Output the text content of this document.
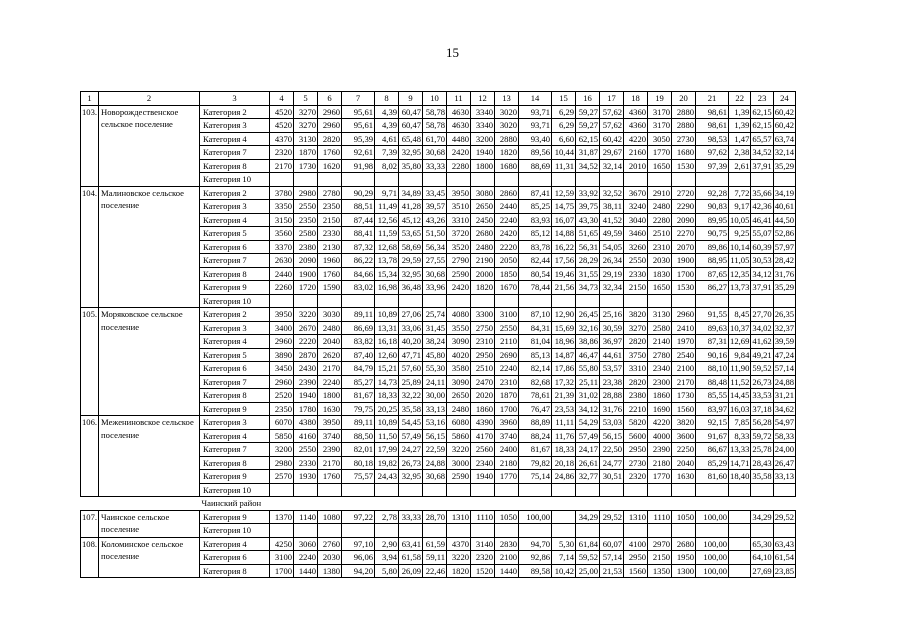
15
1	2	3	4	5	6	7	8	9	10	11	12	13	14	15	16	17	18	19	20	21	22	23	24
103.	Новорождественское сельское поселение	Категория 2	4520	3270	2960	95,61	4,39	60,47	58,78	4630	3340	3020	93,71	6,29	59,27	57,62	4360	3170	2880	98,61	1,39	62,15	60,42
		Категория 3	4520	3270	2960	95,61	4,39	60,47	58,78	4630	3340	3020	93,71	6,29	59,27	57,62	4360	3170	2880	98,61	1,39	62,15	60,42
		Категория 4	4370	3130	2820	95,39	4,61	65,48	61,70	4480	3200	2880	93,40	6,60	62,15	60,42	4220	3050	2730	98,53	1,47	65,57	63,74
		Категория 7	2320	1870	1760	92,61	7,39	32,95	30,68	2420	1940	1820	89,56	10,44	31,87	29,67	2160	1770	1680	97,62	2,38	34,52	32,14
		Категория 8	2170	1730	1620	91,98	8,02	35,80	33,33	2280	1800	1680	88,69	11,31	34,52	32,14	2010	1650	1530	97,39	2,61	37,91	35,29
		Категория 10																					
104.	Малиновское сельское поселение	Категория 2	3780	2980	2780	90,29	9,71	34,89	33,45	3950	3080	2860	87,41	12,59	33,92	32,52	3670	2910	2720	92,28	7,72	35,66	34,19
		Категория 3	3350	2550	2350	88,51	11,49	41,28	39,57	3510	2650	2440	85,25	14,75	39,75	38,11	3240	2480	2290	90,83	9,17	42,36	40,61
		Категория 4	3150	2350	2150	87,44	12,56	45,12	43,26	3310	2450	2240	83,93	16,07	43,30	41,52	3040	2280	2090	89,95	10,05	46,41	44,50
		Категория 5	3560	2580	2330	88,41	11,59	53,65	51,50	3720	2680	2420	85,12	14,88	51,65	49,59	3460	2510	2270	90,75	9,25	55,07	52,86
		Категория 6	3370	2380	2130	87,32	12,68	58,69	56,34	3520	2480	2220	83,78	16,22	56,31	54,05	3260	2310	2070	89,86	10,14	60,39	57,97
		Категория 7	2630	2090	1960	86,22	13,78	29,59	27,55	2790	2190	2050	82,44	17,56	28,29	26,34	2550	2030	1900	88,95	11,05	30,53	28,42
		Категория 8	2440	1900	1760	84,66	15,34	32,95	30,68	2590	2000	1850	80,54	19,46	31,55	29,19	2330	1830	1700	87,65	12,35	34,12	31,76
		Категория 9	2260	1720	1590	83,02	16,98	36,48	33,96	2420	1820	1670	78,44	21,56	34,73	32,34	2150	1650	1530	86,27	13,73	37,91	35,29
		Категория 10																					
105.	Моряковское сельское поселение	Категория 2	3950	3220	3030	89,11	10,89	27,06	25,74	4080	3300	3100	87,10	12,90	26,45	25,16	3820	3130	2960	91,55	8,45	27,70	26,35
		Категория 3	3400	2670	2480	86,69	13,31	33,06	31,45	3550	2750	2550	84,31	15,69	32,16	30,59	3270	2580	2410	89,63	10,37	34,02	32,37
		Категория 4	2960	2220	2040	83,82	16,18	40,20	38,24	3090	2310	2110	81,04	18,96	38,86	36,97	2820	2140	1970	87,31	12,69	41,62	39,59
		Категория 5	3890	2870	2620	87,40	12,60	47,71	45,80	4020	2950	2690	85,13	14,87	46,47	44,61	3750	2780	2540	90,16	9,84	49,21	47,24
		Категория 6	3450	2430	2170	84,79	15,21	57,60	55,30	3580	2510	2240	82,14	17,86	55,80	53,57	3310	2340	2100	88,10	11,90	59,52	57,14
		Категория 7	2960	2390	2240	85,27	14,73	25,89	24,11	3090	2470	2310	82,68	17,32	25,11	23,38	2820	2300	2170	88,48	11,52	26,73	24,88
		Категория 8	2520	1940	1800	81,67	18,33	32,22	30,00	2650	2020	1870	78,61	21,39	31,02	28,88	2380	1860	1730	85,55	14,45	33,53	31,21
		Категория 9	2350	1780	1630	79,75	20,25	35,58	33,13	2480	1860	1700	76,47	23,53	34,12	31,76	2210	1690	1560	83,97	16,03	37,18	34,62
106.	Межениновское сельское поселение	Категория 3	6070	4380	3950	89,11	10,89	54,45	53,16	6080	4390	3960	88,89	11,11	54,29	53,03	5820	4220	3820	92,15	7,85	56,28	54,97
		Категория 4	5850	4160	3740	88,50	11,50	57,49	56,15	5860	4170	3740	88,24	11,76	57,49	56,15	5600	4000	3600	91,67	8,33	59,72	58,33
		Категория 7	3200	2550	2390	82,01	17,99	24,27	22,59	3220	2560	2400	81,67	18,33	24,17	22,50	2950	2390	2250	86,67	13,33	25,78	24,00
		Категория 8	2980	2330	2170	80,18	19,82	26,73	24,88	3000	2340	2180	79,82	20,18	26,61	24,77	2730	2180	2040	85,29	14,71	28,43	26,47
		Категория 9	2570	1930	1760	75,57	24,43	32,95	30,68	2590	1940	1770	75,14	24,86	32,77	30,51	2320	1770	1630	81,60	18,40	35,58	33,13
		Категория 10																					
		Чаинский район																					
107.	Чаинское сельское поселение	Категория 9	1370	1140	1080	97,22	2,78	33,33	28,70	1310	1110	1050	100,00		34,29	29,52	1310	1110	1050	100,00		34,29	29,52
		Категория 10																					
108.	Коломинское сельское поселение	Категория 4	4250	3060	2760	97,10	2,90	63,41	61,59	4370	3140	2830	94,70	5,30	61,84	60,07	4100	2970	2680	100,00		65,30	63,43
		Категория 6	3100	2240	2030	96,06	3,94	61,58	59,11	3220	2320	2100	92,86	7,14	59,52	57,14	2950	2150	1950	100,00		64,10	61,54
		Категория 8	1700	1440	1380	94,20	5,80	26,09	22,46	1820	1520	1440	89,58	10,42	25,00	21,53	1560	1350	1300	100,00		27,69	23,85
